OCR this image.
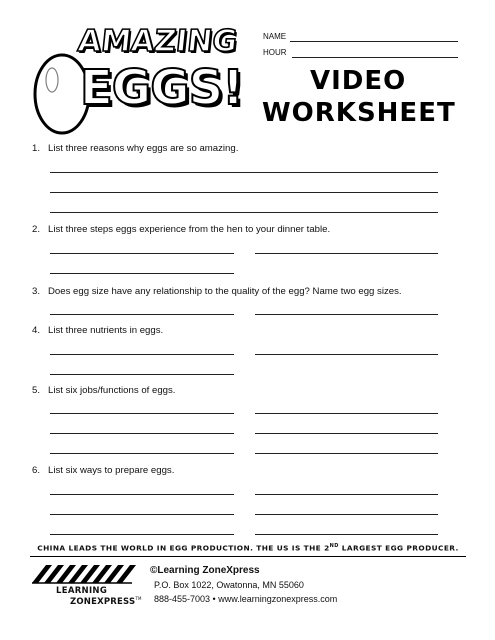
AMAZING
EGGS!
NAME
HOUR
VIDEO
WORKSHEET
1. List three reasons why eggs are so amazing.
2. List three steps eggs experience from the hen to your dinner table.
3. Does egg size have any relationship to the quality of the egg? Name two egg sizes.
4. List three nutrients in eggs.
5. List six jobs/functions of eggs.
6. List six ways to prepare eggs.
CHINA LEADS THE WORLD IN EGG PRODUCTION. THE US IS THE 2ND LARGEST EGG PRODUCER.
LEARNING
ZONEXPRESS™
©Learning ZoneXpress
P.O. Box 1022, Owatonna, MN 55060
888-455-7003 • www.learningzonexpress.com
